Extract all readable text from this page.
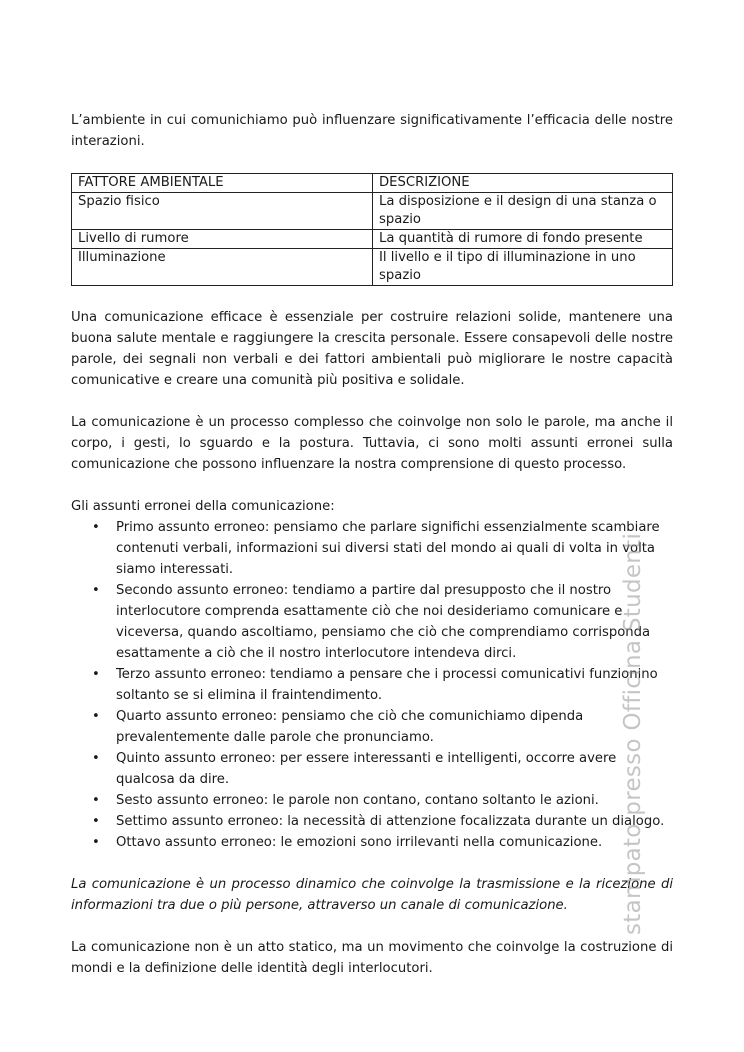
L’ambiente in cui comunichiamo può influenzare significativamente l’efficacia delle nostre interazioni.

FATTORE AMBIENTALE	DESCRIZIONE
Spazio fisico	La disposizione e il design di una stanza o spazio
Livello di rumore	La quantità di rumore di fondo presente
Illuminazione	Il livello e il tipo di illuminazione in uno spazio

Una comunicazione efficace è essenziale per costruire relazioni solide, mantenere una buona salute mentale e raggiungere la crescita personale. Essere consapevoli delle nostre parole, dei segnali non verbali e dei fattori ambientali può migliorare le nostre capacità comunicative e creare una comunità più positiva e solidale.

La comunicazione è un processo complesso che coinvolge non solo le parole, ma anche il corpo, i gesti, lo sguardo e la postura. Tuttavia, ci sono molti assunti erronei sulla comunicazione che possono influenzare la nostra comprensione di questo processo.

Gli assunti erronei della comunicazione:

• Primo assunto erroneo: pensiamo che parlare significhi essenzialmente scambiare contenuti verbali, informazioni sui diversi stati del mondo ai quali di volta in volta siamo interessati.
• Secondo assunto erroneo: tendiamo a partire dal presupposto che il nostro interlocutore comprenda esattamente ciò che noi desideriamo comunicare e viceversa, quando ascoltiamo, pensiamo che ciò che comprendiamo corrisponda esattamente a ciò che il nostro interlocutore intendeva dirci.
• Terzo assunto erroneo: tendiamo a pensare che i processi comunicativi funzionino soltanto se si elimina il fraintendimento.
• Quarto assunto erroneo: pensiamo che ciò che comunichiamo dipenda prevalentemente dalle parole che pronunciamo.
• Quinto assunto erroneo: per essere interessanti e intelligenti, occorre avere qualcosa da dire.
• Sesto assunto erroneo: le parole non contano, contano soltanto le azioni.
• Settimo assunto erroneo: la necessità di attenzione focalizzata durante un dialogo.
• Ottavo assunto erroneo: le emozioni sono irrilevanti nella comunicazione.

La comunicazione è un processo dinamico che coinvolge la trasmissione e la ricezione di informazioni tra due o più persone, attraverso un canale di comunicazione.

La comunicazione non è un atto statico, ma un movimento che coinvolge la costruzione di mondi e la definizione delle identità degli interlocutori.

stampato presso Officina Studenti
